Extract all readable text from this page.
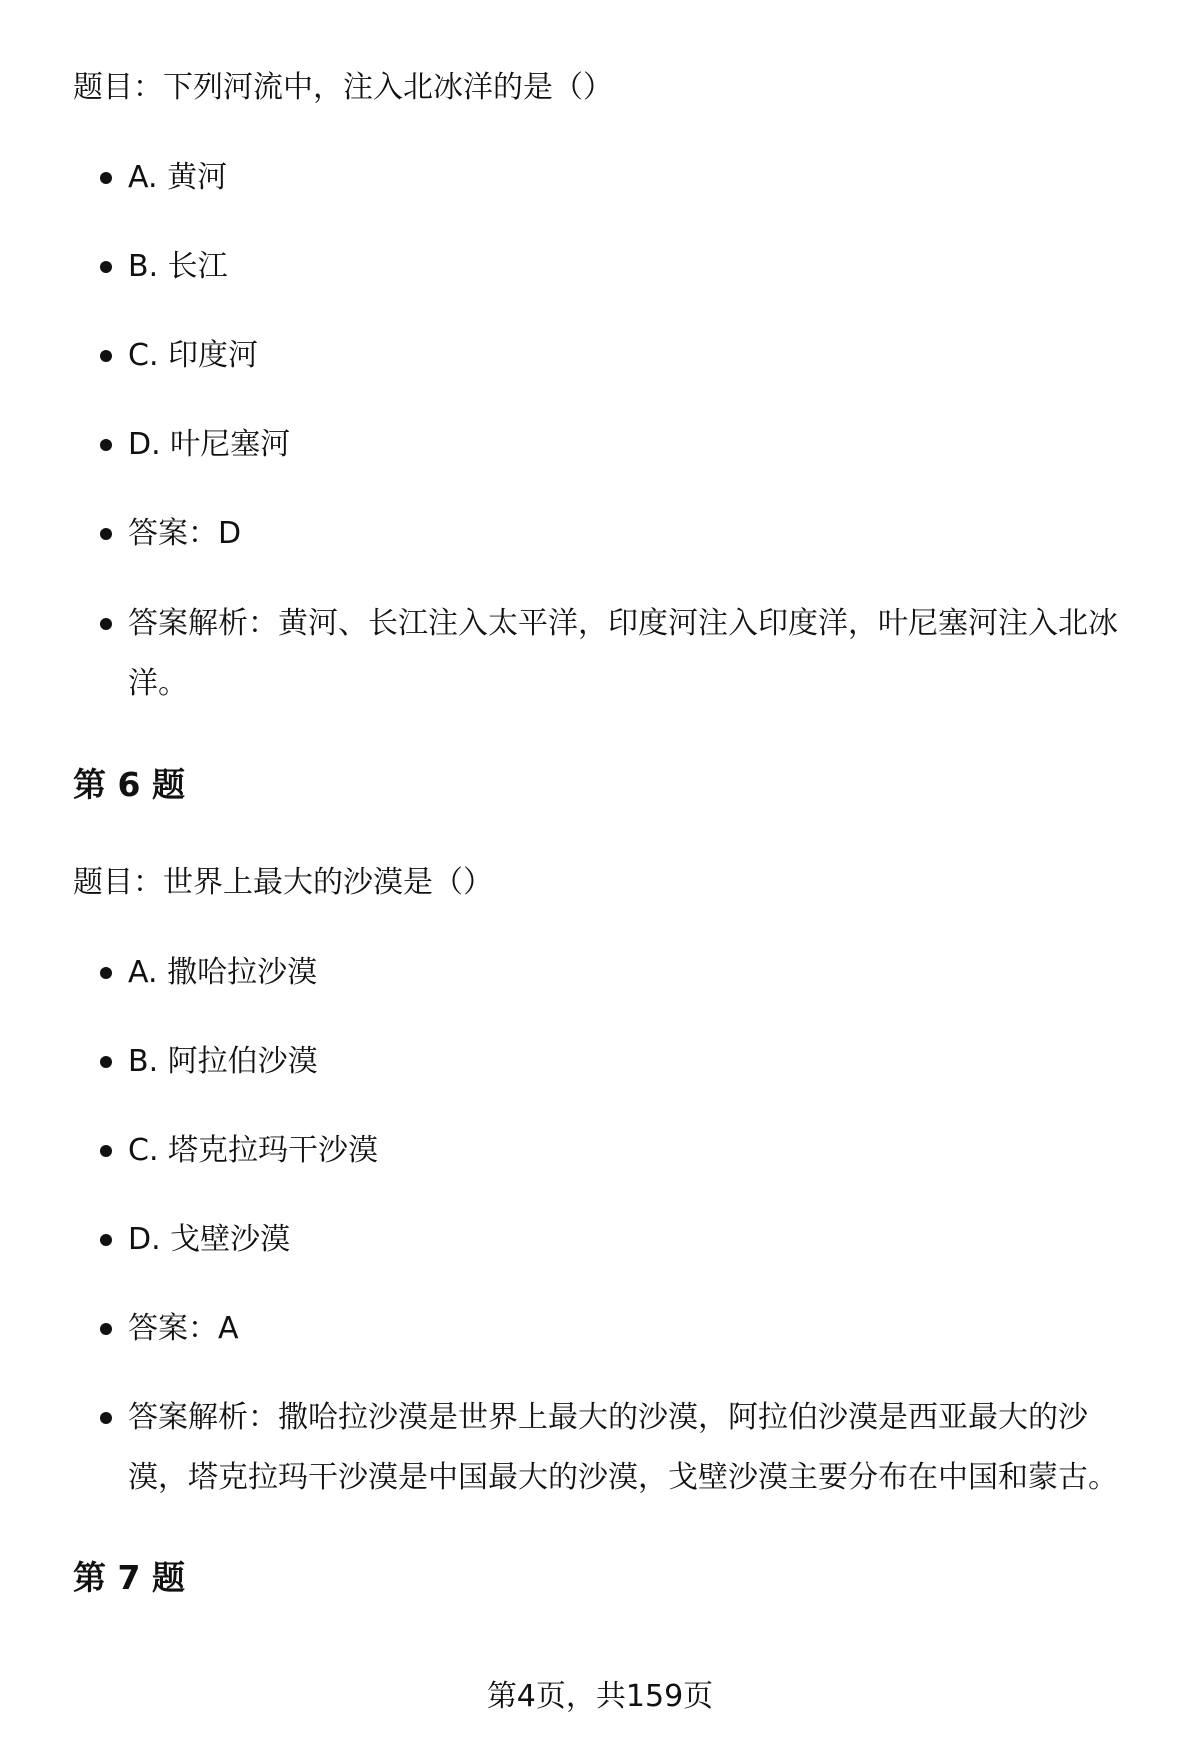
题目：下列河流中，注入北冰洋的是（）

A. 黄河
B. 长江
C. 印度河
D. 叶尼塞河
答案：D
答案解析：黄河、长江注入太平洋，印度河注入印度洋，叶尼塞河注入北冰洋。
第 6 题

题目：世界上最大的沙漠是（）

A. 撒哈拉沙漠
B. 阿拉伯沙漠
C. 塔克拉玛干沙漠
D. 戈壁沙漠
答案：A
答案解析：撒哈拉沙漠是世界上最大的沙漠，阿拉伯沙漠是西亚最大的沙漠，塔克拉玛干沙漠是中国最大的沙漠，戈壁沙漠主要分布在中国和蒙古。
第 7 题
第4页，共159页
